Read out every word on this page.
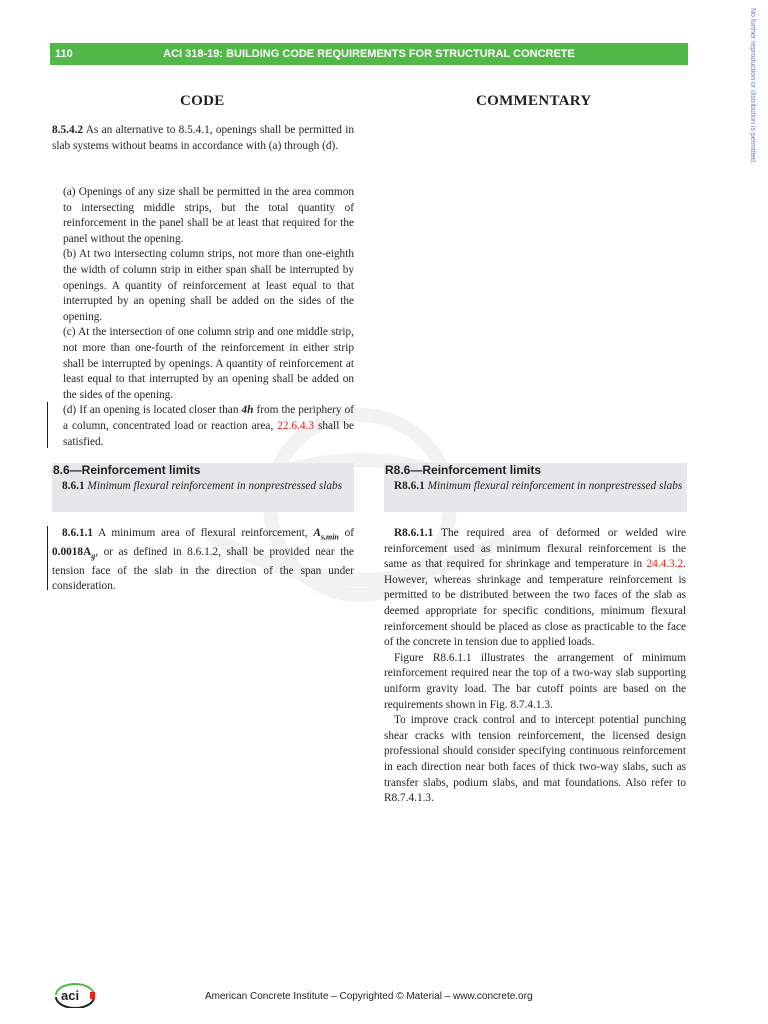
110	ACI 318-19: BUILDING CODE REQUIREMENTS FOR STRUCTURAL CONCRETE	No further reproduction or distribution is permitted.
CODE	COMMENTARY

8.5.4.2 As an alternative to 8.5.4.1, openings shall be permitted in slab systems without beams in accordance with (a) through (d).

(a) Openings of any size shall be permitted in the area common to intersecting middle strips, but the total quantity of reinforcement in the panel shall be at least that required for the panel without the opening.

(b) At two intersecting column strips, not more than one-eighth the width of column strip in either span shall be interrupted by openings. A quantity of reinforcement at least equal to that interrupted by an opening shall be added on the sides of the opening.

(c) At the intersection of one column strip and one middle strip, not more than one-fourth of the reinforcement in either strip shall be interrupted by openings. A quantity of reinforcement at least equal to that interrupted by an opening shall be added on the sides of the opening.

(d) If an opening is located closer than 4h from the periphery of a column, concentrated load or reaction area, 22.6.4.3 shall be satisfied.

8.6—Reinforcement limits
8.6.1 Minimum flexural reinforcement in nonprestressed slabs

8.6.1.1 A minimum area of flexural reinforcement, $A_{s,min}$ of $0.0018A_g$, or as defined in 8.6.1.2, shall be provided near the tension face of the slab in the direction of the span under consideration.

R8.6—Reinforcement limits
R8.6.1 Minimum flexural reinforcement in nonprestressed slabs

R8.6.1.1 The required area of deformed or welded wire reinforcement used as minimum flexural reinforcement is the same as that required for shrinkage and temperature in 24.4.3.2. However, whereas shrinkage and temperature reinforcement is permitted to be distributed between the two faces of the slab as deemed appropriate for specific conditions, minimum flexural reinforcement should be placed as close as practicable to the face of the concrete in tension due to applied loads.

Figure R8.6.1.1 illustrates the arrangement of minimum reinforcement required near the top of a two-way slab supporting uniform gravity load. The bar cutoff points are based on the requirements shown in Fig. 8.7.4.1.3.

To improve crack control and to intercept potential punching shear cracks with tension reinforcement, the licensed design professional should consider specifying continuous reinforcement in each direction near both faces of thick two-way slabs, such as transfer slabs, podium slabs, and mat foundations. Also refer to R8.7.4.1.3.

aci	American Concrete Institute – Copyrighted © Material – www.concrete.org
